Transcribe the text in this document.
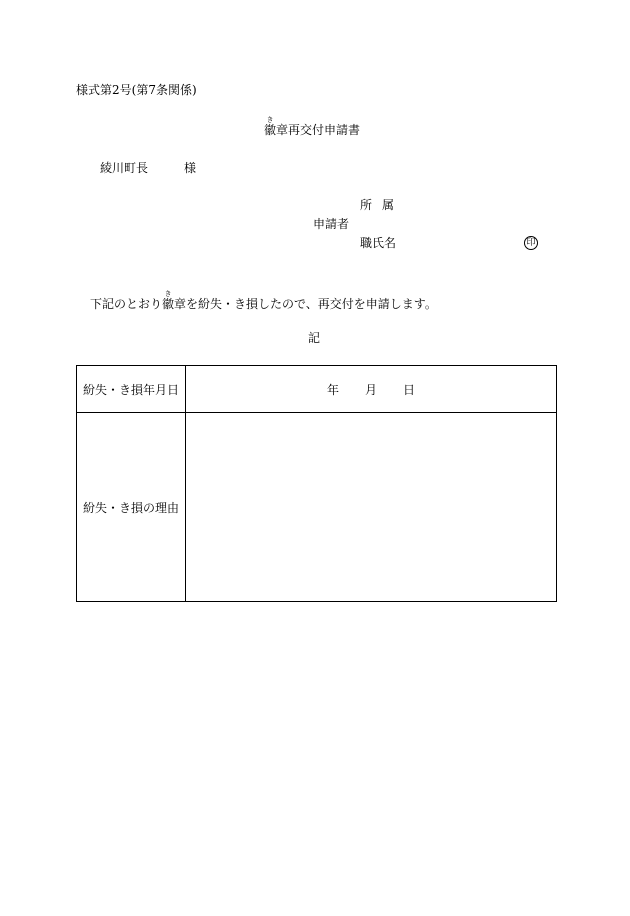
様式第2号(第7条関係)
徽き章再交付申請書
綾川町長	様
所属
申請者
職氏名	印
下記のとおり徽き章を紛失・き損したので、再交付を申請します。
記
紛失・き損年月日	年 月 日
紛失・き損の理由	
